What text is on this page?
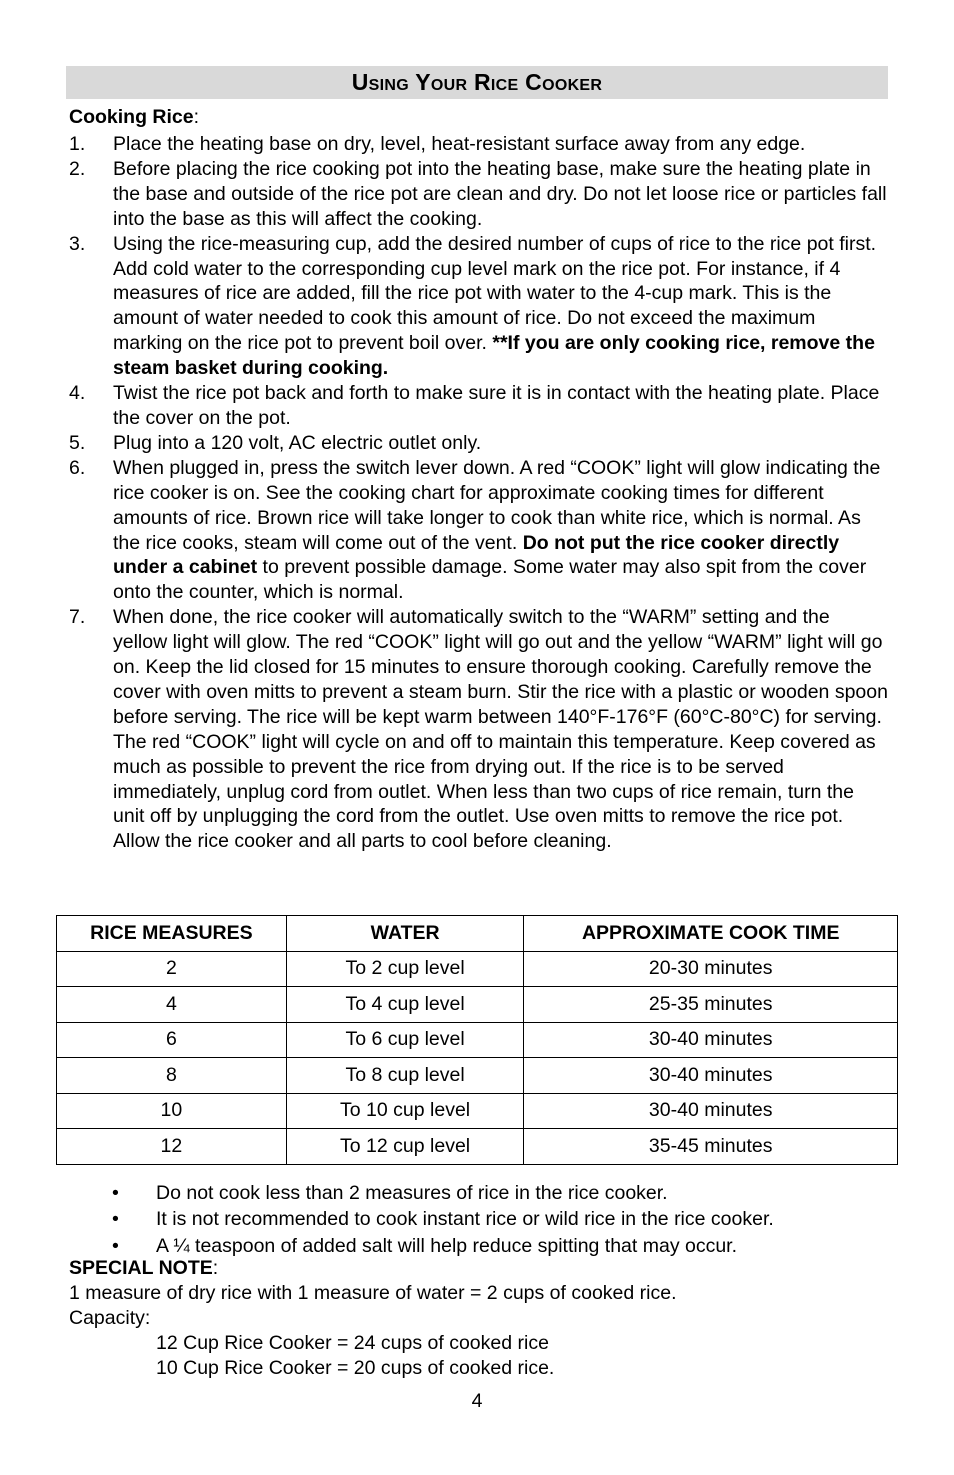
Using Your Rice Cooker
Cooking Rice:
1.	Place the heating base on dry, level, heat-resistant surface away from any edge.
2.	Before placing the rice cooking pot into the heating base, make sure the heating plate in the base and outside of the rice pot are clean and dry. Do not let loose rice or particles fall into the base as this will affect the cooking.
3.	Using the rice-measuring cup, add the desired number of cups of rice to the rice pot first. Add cold water to the corresponding cup level mark on the rice pot. For instance, if 4 measures of rice are added, fill the rice pot with water to the 4-cup mark. This is the amount of water needed to cook this amount of rice. Do not exceed the maximum marking on the rice pot to prevent boil over. **If you are only cooking rice, remove the steam basket during cooking.
4.	Twist the rice pot back and forth to make sure it is in contact with the heating plate. Place the cover on the pot.
5.	Plug into a 120 volt, AC electric outlet only.
6.	When plugged in, press the switch lever down. A red “COOK” light will glow indicating the rice cooker is on. See the cooking chart for approximate cooking times for different amounts of rice. Brown rice will take longer to cook than white rice, which is normal. As the rice cooks, steam will come out of the vent. Do not put the rice cooker directly under a cabinet to prevent possible damage. Some water may also spit from the cover onto the counter, which is normal.
7.	When done, the rice cooker will automatically switch to the “WARM” setting and the yellow light will glow. The red “COOK” light will go out and the yellow “WARM” light will go on. Keep the lid closed for 15 minutes to ensure thorough cooking. Carefully remove the cover with oven mitts to prevent a steam burn. Stir the rice with a plastic or wooden spoon before serving. The rice will be kept warm between 140°F-176°F (60°C-80°C) for serving. The red “COOK” light will cycle on and off to maintain this temperature. Keep covered as much as possible to prevent the rice from drying out. If the rice is to be served immediately, unplug cord from outlet. When less than two cups of rice remain, turn the unit off by unplugging the cord from the outlet. Use oven mitts to remove the rice pot. Allow the rice cooker and all parts to cool before cleaning.
RICE MEASURES	WATER	APPROXIMATE COOK TIME
2	To 2 cup level	20-30 minutes
4	To 4 cup level	25-35 minutes
6	To 6 cup level	30-40 minutes
8	To 8 cup level	30-40 minutes
10	To 10 cup level	30-40 minutes
12	To 12 cup level	35-45 minutes
•	Do not cook less than 2 measures of rice in the rice cooker.
•	It is not recommended to cook instant rice or wild rice in the rice cooker.
•	A ¼ teaspoon of added salt will help reduce spitting that may occur.
SPECIAL NOTE:
1 measure of dry rice with 1 measure of water = 2 cups of cooked rice.
Capacity:
12 Cup Rice Cooker = 24 cups of cooked rice
10 Cup Rice Cooker = 20 cups of cooked rice.
4
